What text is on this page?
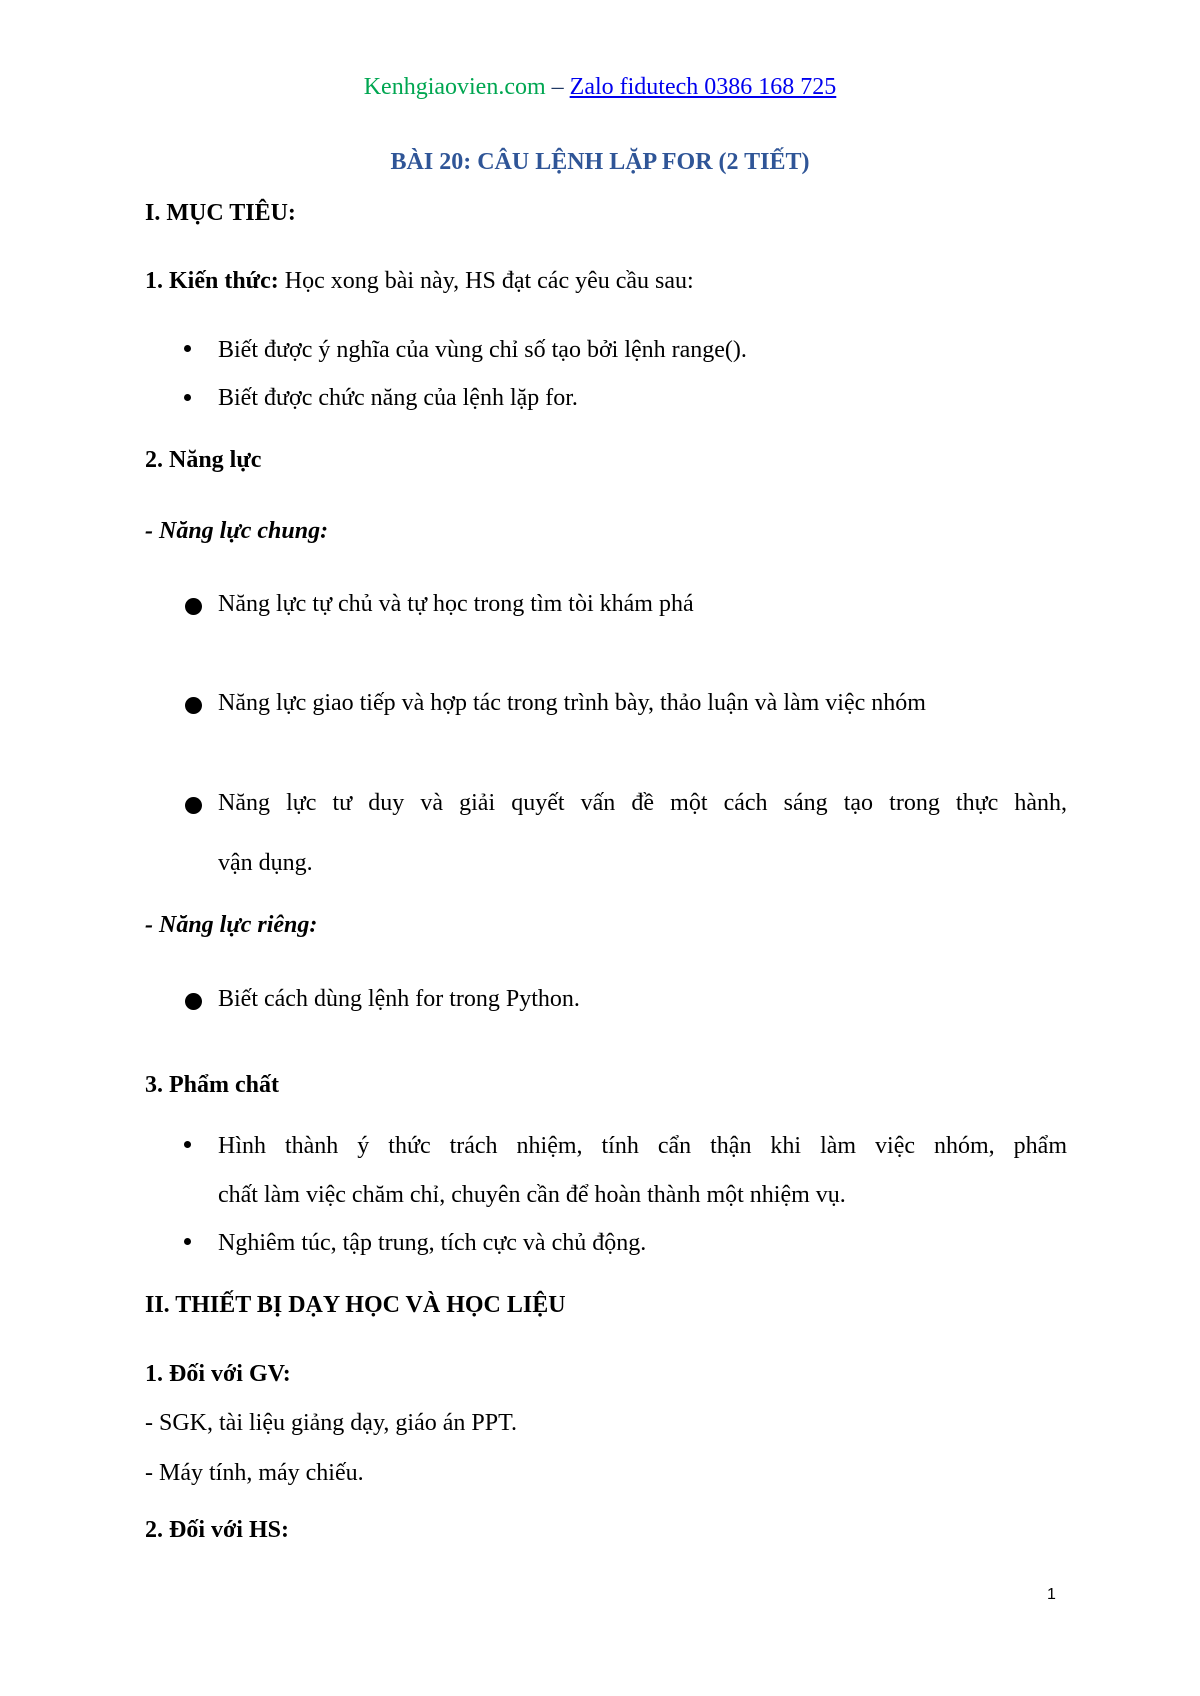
Kenhgiaovien.com – Zalo fidutech 0386 168 725
BÀI 20: CÂU LỆNH LẶP FOR (2 TIẾT)
I. MỤC TIÊU:
1. Kiến thức: Học xong bài này, HS đạt các yêu cầu sau:
Biết được ý nghĩa của vùng chỉ số tạo bởi lệnh range().
Biết được chức năng của lệnh lặp for.
2. Năng lực
- Năng lực chung:
Năng lực tự chủ và tự học trong tìm tòi khám phá
Năng lực giao tiếp và hợp tác trong trình bày, thảo luận và làm việc nhóm
Năng lực tư duy và giải quyết vấn đề một cách sáng tạo trong thực hành,
vận dụng.
- Năng lực riêng:
Biết cách dùng lệnh for trong Python.
3. Phẩm chất
Hình thành ý thức trách nhiệm, tính cẩn thận khi làm việc nhóm, phẩm
chất làm việc chăm chỉ, chuyên cần để hoàn thành một nhiệm vụ.
Nghiêm túc, tập trung, tích cực và chủ động.
II. THIẾT BỊ DẠY HỌC VÀ HỌC LIỆU
1. Đối với GV:
- SGK, tài liệu giảng dạy, giáo án PPT.
- Máy tính, máy chiếu.
2. Đối với HS:
1
